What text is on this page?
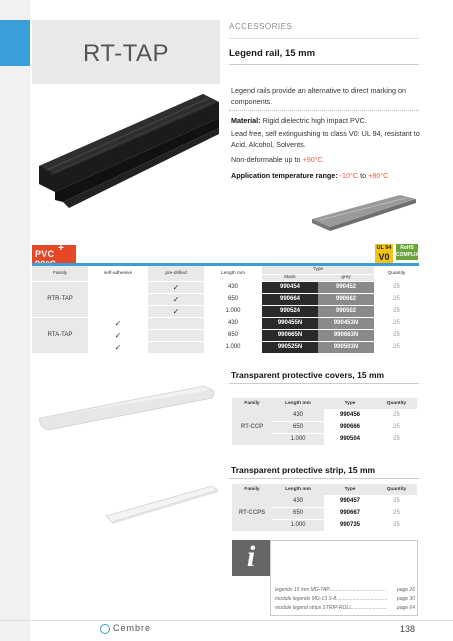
RT-TAP
ACCESSORIES
Legend rail, 15 mm
Legend rails provide an alternative to direct marking on components.
Material: Rigid dielectric high impact PVC.
Lead free, self extinguishing to class V0: UL 94, resistant to Acid, Alcohol, Solvents.
Non-deformable up to +90°C
Application temperature range: -10°C to +80°C
+
PVC
UL 94
V0
RoHS COMPLIANT
Family	self-adhesive	pre-drilled	Length mm	Type		Quantity
				black	grey	
RTR-TAP		✓	430	990454	990452	25
		✓	650	990664	990662	25
		✓	1.000	990524	990502	25
RTA-TAP	✓		430	990455N	990453N	25
	✓		650	990665N	990663N	25
	✓		1.000	990525N	990503N	25
Transparent protective covers, 15 mm
Family	Length mm	Type	Quantity
RT-CCP	430	990456	25
	650	990666	25
	1.000	990504	25
Transparent protective strip, 15 mm
Family	Length mm	Type	Quantity
RT-CCPS	430	990457	25
	650	990667	25
	1.000	990735	25
i
legends 15 mm MG-TAP.........................................	page 26
module legends MG-13 S-8.....................................	page 30
module legend strips STRIP-ROLL.........................	page 64
Cembre	138
